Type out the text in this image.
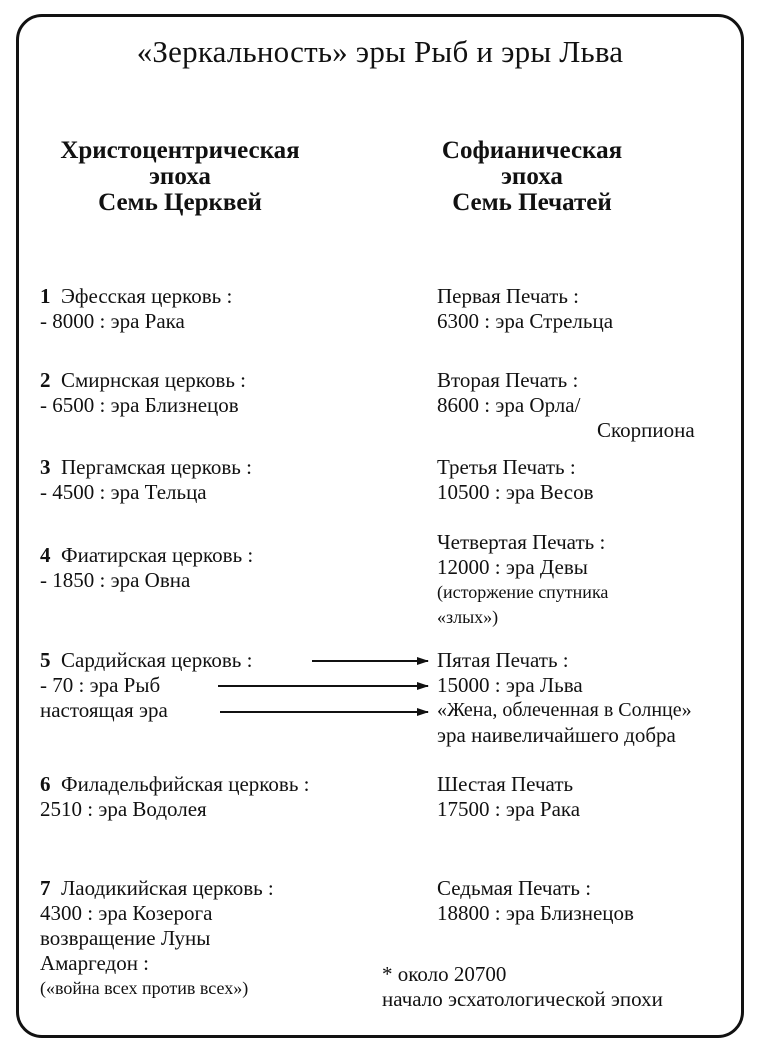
«Зеркальность» эры Рыб и эры Льва
Христоцентрическая
эпоха
Семь Церквей
Софианическая
эпоха
Семь Печатей
1 Эфесская церковь :
- 8000 : эра Рака
2 Смирнская церковь :
- 6500 : эра Близнецов
3 Пергамская церковь :
- 4500 : эра Тельца
4 Фиатирская церковь :
- 1850 : эра Овна
5 Сардийская церковь :
- 70 : эра Рыб
настоящая эра
6 Филадельфийская церковь :
2510 : эра Водолея
7 Лаодикийская церковь :
4300 : эра Козерога
возвращение Луны
Амаргедон :
(«война всех против всех»)
Первая Печать :
6300 : эра Стрельца
Вторая Печать :
8600 : эра Орла/
Скорпиона
Третья Печать :
10500 : эра Весов
Четвертая Печать :
12000 : эра Девы
(исторжение спутника
«злых»)
Пятая Печать :
15000 : эра Льва
«Жена, облеченная в Солнце»
эра наивеличайшего добра
Шестая Печать
17500 : эра Рака
Седьмая Печать :
18800 : эра Близнецов
* около 20700
начало эсхатологической эпохи
